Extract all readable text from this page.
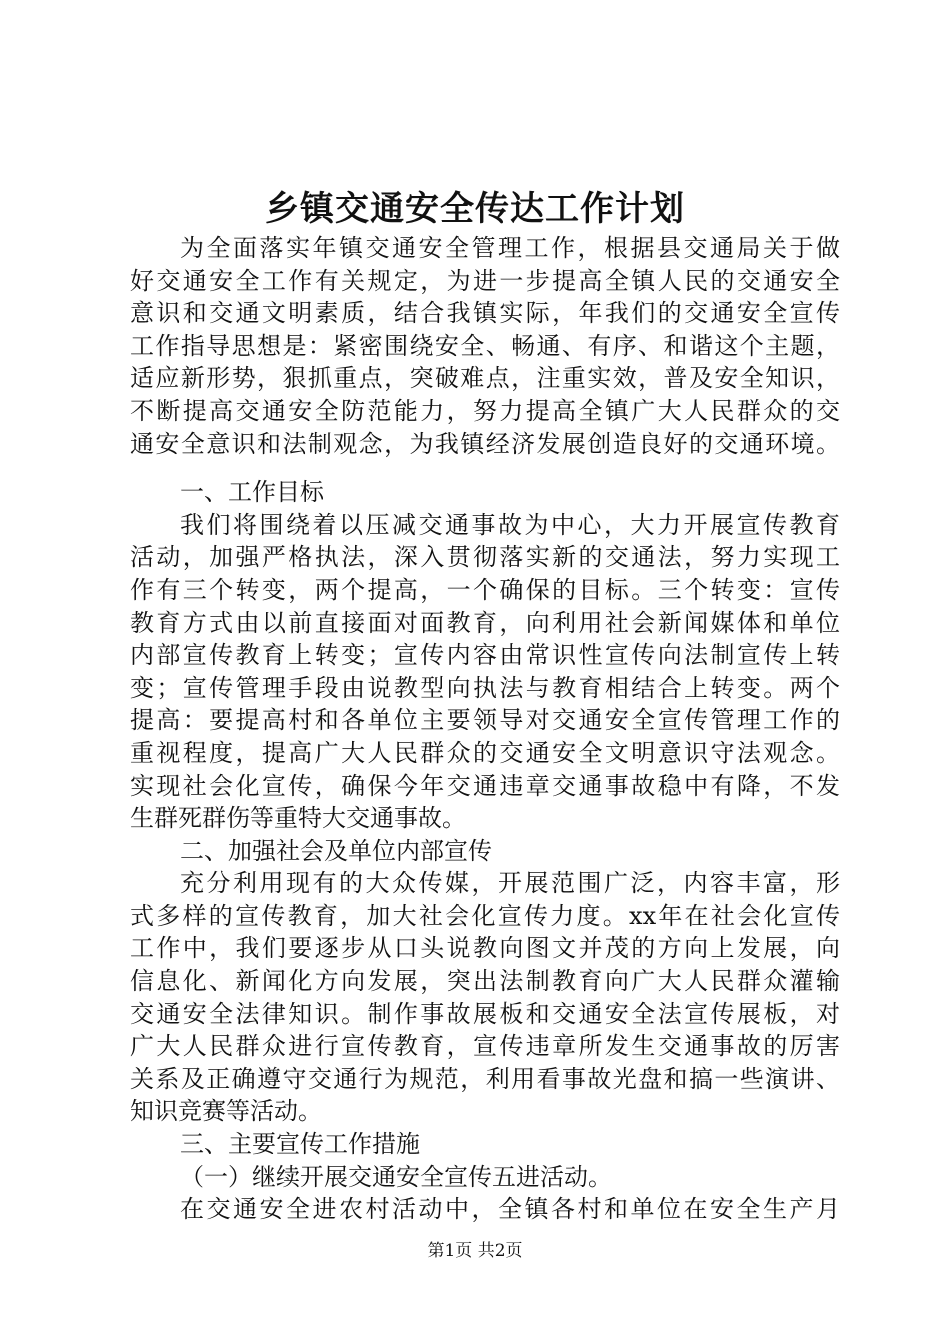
乡镇交通安全传达工作计划
为全面落实年镇交通安全管理工作，根据县交通局关于做
好交通安全工作有关规定，为进一步提高全镇人民的交通安全
意识和交通文明素质，结合我镇实际，年我们的交通安全宣传
工作指导思想是：紧密围绕安全、畅通、有序、和谐这个主题，
适应新形势，狠抓重点，突破难点，注重实效，普及安全知识，
不断提高交通安全防范能力，努力提高全镇广大人民群众的交
通安全意识和法制观念，为我镇经济发展创造良好的交通环境。
一、工作目标
我们将围绕着以压减交通事故为中心，大力开展宣传教育
活动，加强严格执法，深入贯彻落实新的交通法，努力实现工
作有三个转变，两个提高，一个确保的目标。三个转变：宣传
教育方式由以前直接面对面教育，向利用社会新闻媒体和单位
内部宣传教育上转变；宣传内容由常识性宣传向法制宣传上转
变；宣传管理手段由说教型向执法与教育相结合上转变。两个
提高：要提高村和各单位主要领导对交通安全宣传管理工作的
重视程度，提高广大人民群众的交通安全文明意识守法观念。
实现社会化宣传，确保今年交通违章交通事故稳中有降，不发
生群死群伤等重特大交通事故。
二、加强社会及单位内部宣传
充分利用现有的大众传媒，开展范围广泛，内容丰富，形
式多样的宣传教育，加大社会化宣传力度。xx年在社会化宣传
工作中，我们要逐步从口头说教向图文并茂的方向上发展，向
信息化、新闻化方向发展，突出法制教育向广大人民群众灌输
交通安全法律知识。制作事故展板和交通安全法宣传展板，对
广大人民群众进行宣传教育，宣传违章所发生交通事故的厉害
关系及正确遵守交通行为规范，利用看事故光盘和搞一些演讲、
知识竞赛等活动。
三、主要宣传工作措施
（一）继续开展交通安全宣传五进活动。
在交通安全进农村活动中，全镇各村和单位在安全生产月
第1页 共2页
